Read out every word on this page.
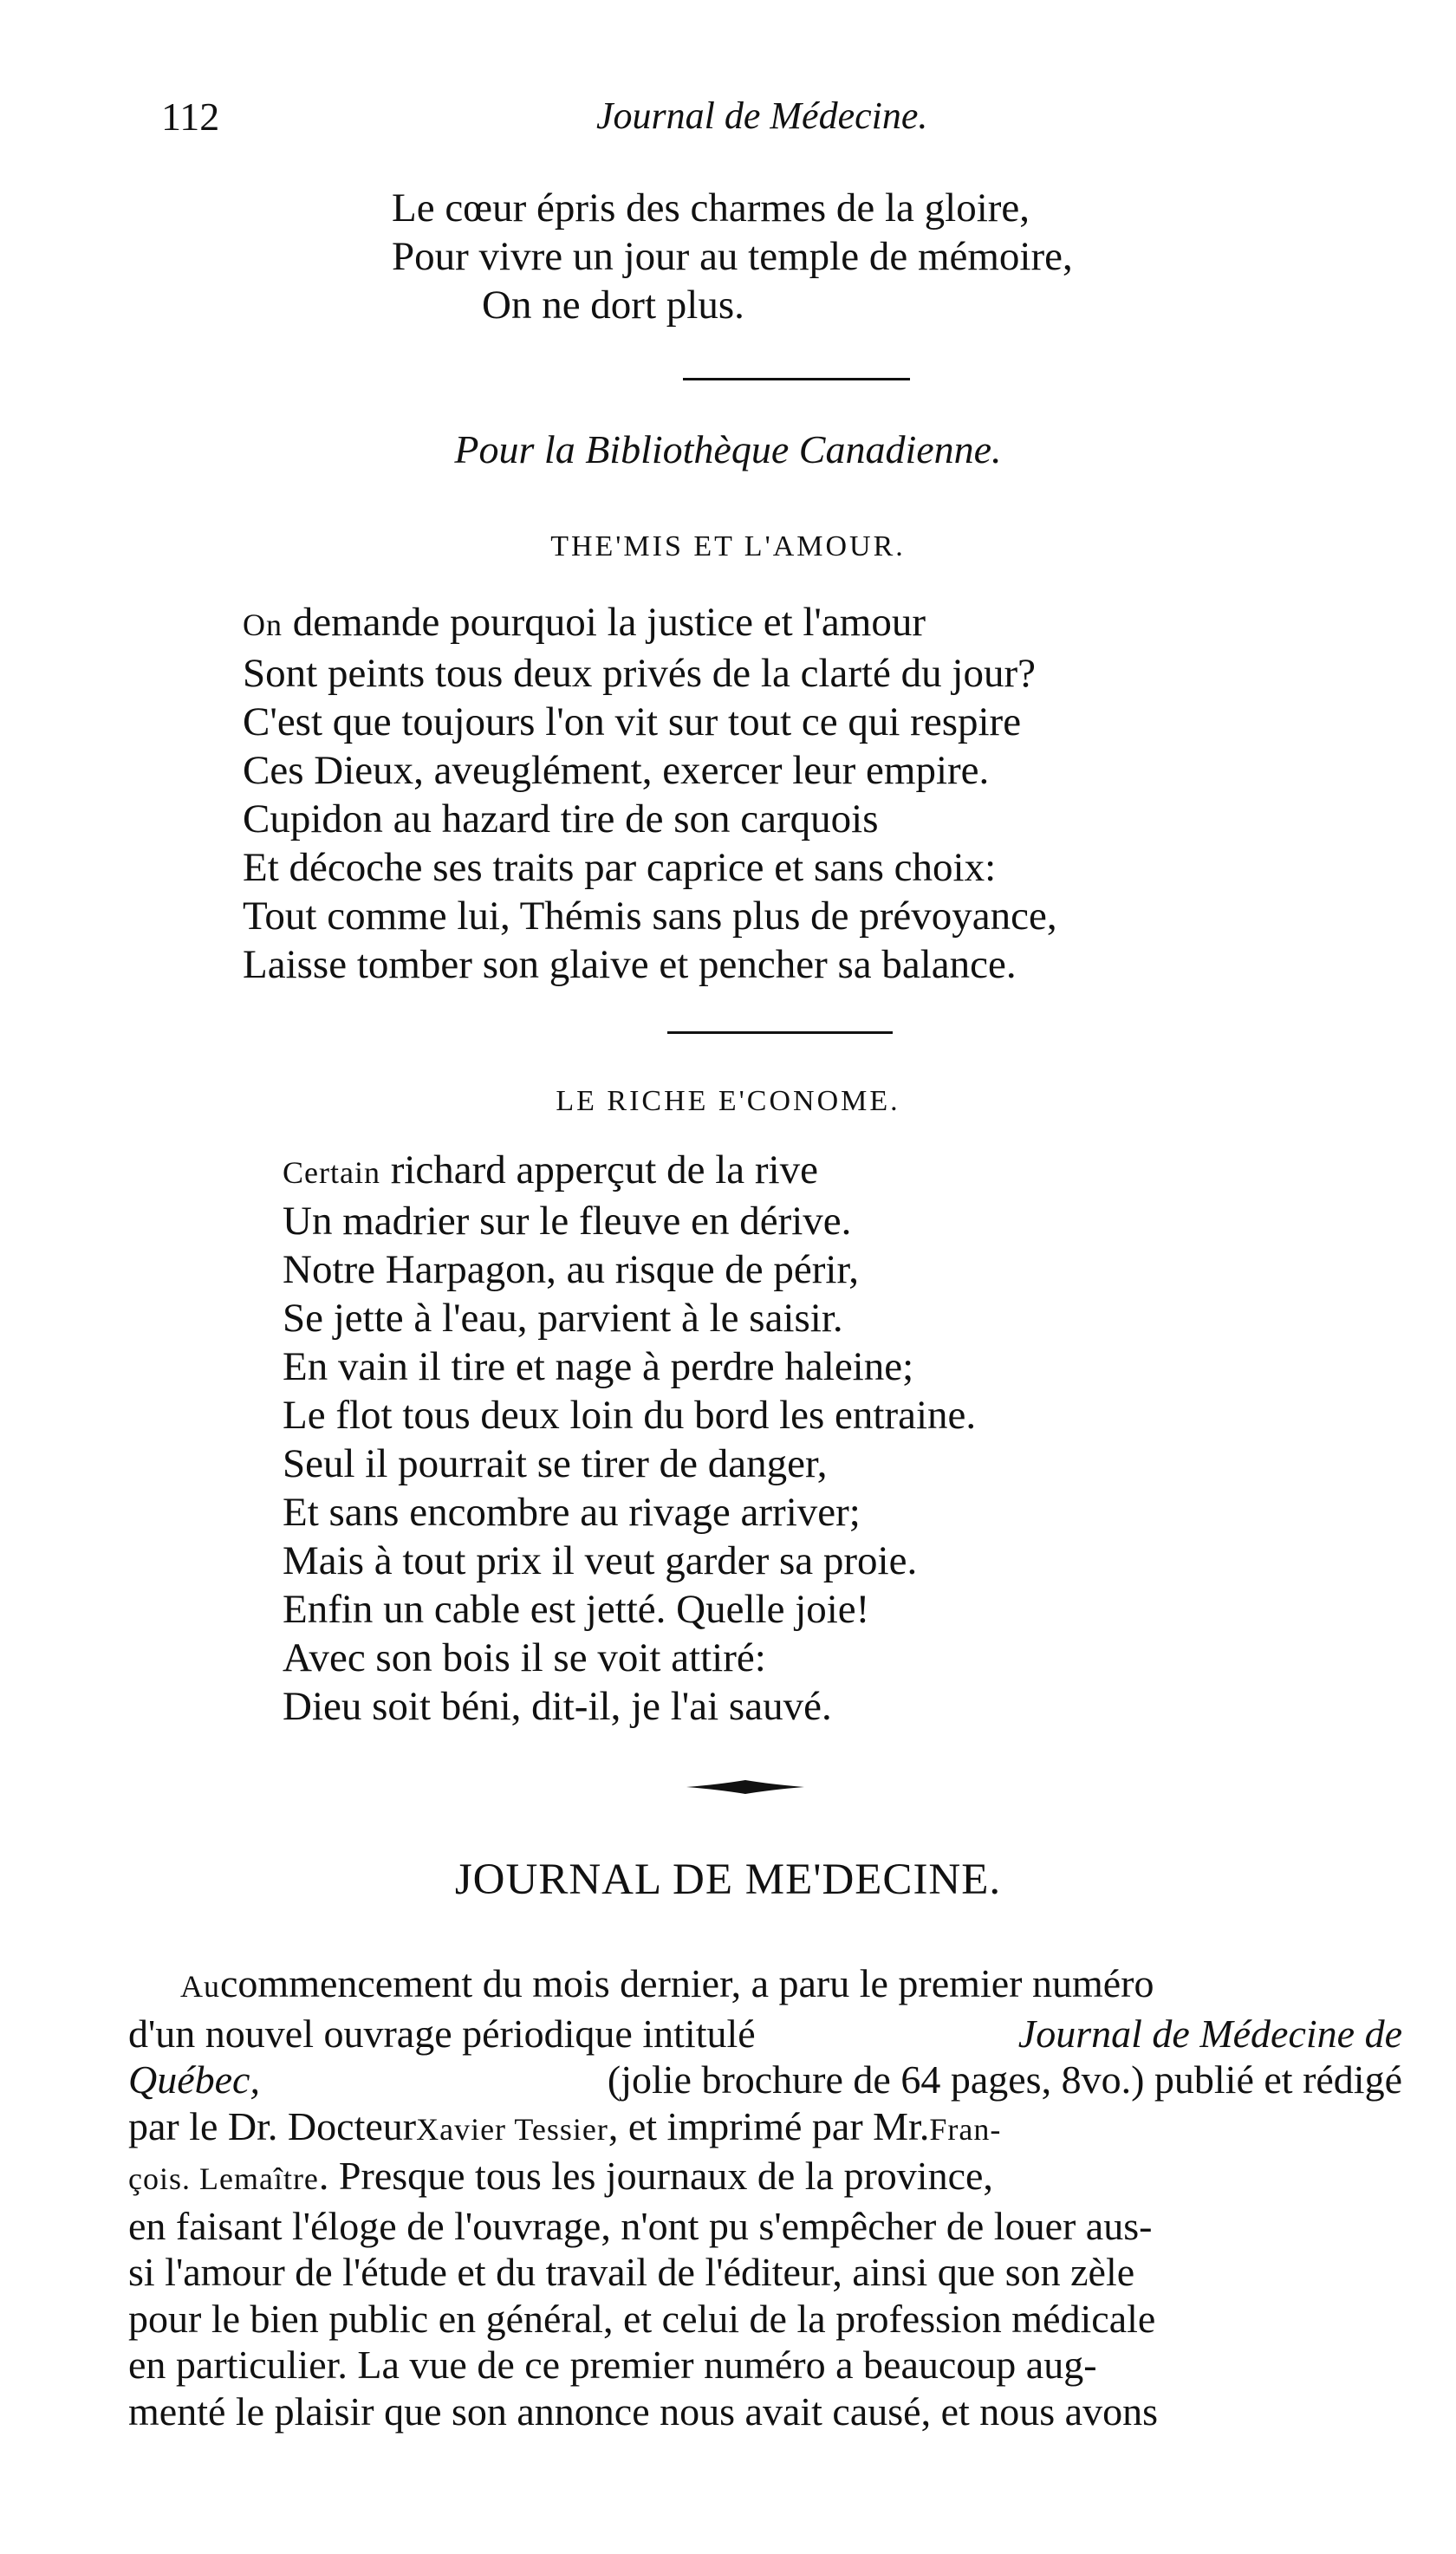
112	Journal de Médecine.
Le cœur épris des charmes de la gloire,
Pour vivre un jour au temple de mémoire,
On ne dort plus.
Pour la Bibliothèque Canadienne.
THE'MIS ET L'AMOUR.
On demande pourquoi la justice et l'amour
Sont peints tous deux privés de la clarté du jour?
C'est que toujours l'on vit sur tout ce qui respire
Ces Dieux, aveuglément, exercer leur empire.
Cupidon au hazard tire de son carquois
Et décoche ses traits par caprice et sans choix:
Tout comme lui, Thémis sans plus de prévoyance,
Laisse tomber son glaive et pencher sa balance.
LE RICHE E'CONOME.
Certain richard apperçut de la rive
Un madrier sur le fleuve en dérive.
Notre Harpagon, au risque de périr,
Se jette à l'eau, parvient à le saisir.
En vain il tire et nage à perdre haleine;
Le flot tous deux loin du bord les entraine.
Seul il pourrait se tirer de danger,
Et sans encombre au rivage arriver;
Mais à tout prix il veut garder sa proie.
Enfin un cable est jetté. Quelle joie!
Avec son bois il se voit attiré:
Dieu soit béni, dit-il, je l'ai sauvé.
JOURNAL DE ME'DECINE.
Aucommencement du mois dernier, a paru le premier numéro
d'un nouvel ouvrage périodique intitulé	Journal de Médecine de
Québec,	(jolie brochure de 64 pages, 8vo.) publié et rédigé
par le Dr. DocteurXavier Tessier, et imprimé par Mr.Fran-
çois. Lemaître. Presque tous les journaux de la province,
en faisant l'éloge de l'ouvrage, n'ont pu s'empêcher de louer aus-
si l'amour de l'étude et du travail de l'éditeur, ainsi que son zèle
pour le bien public en général, et celui de la profession médicale
en particulier. La vue de ce premier numéro a beaucoup aug-
menté le plaisir que son annonce nous avait causé, et nous avons
